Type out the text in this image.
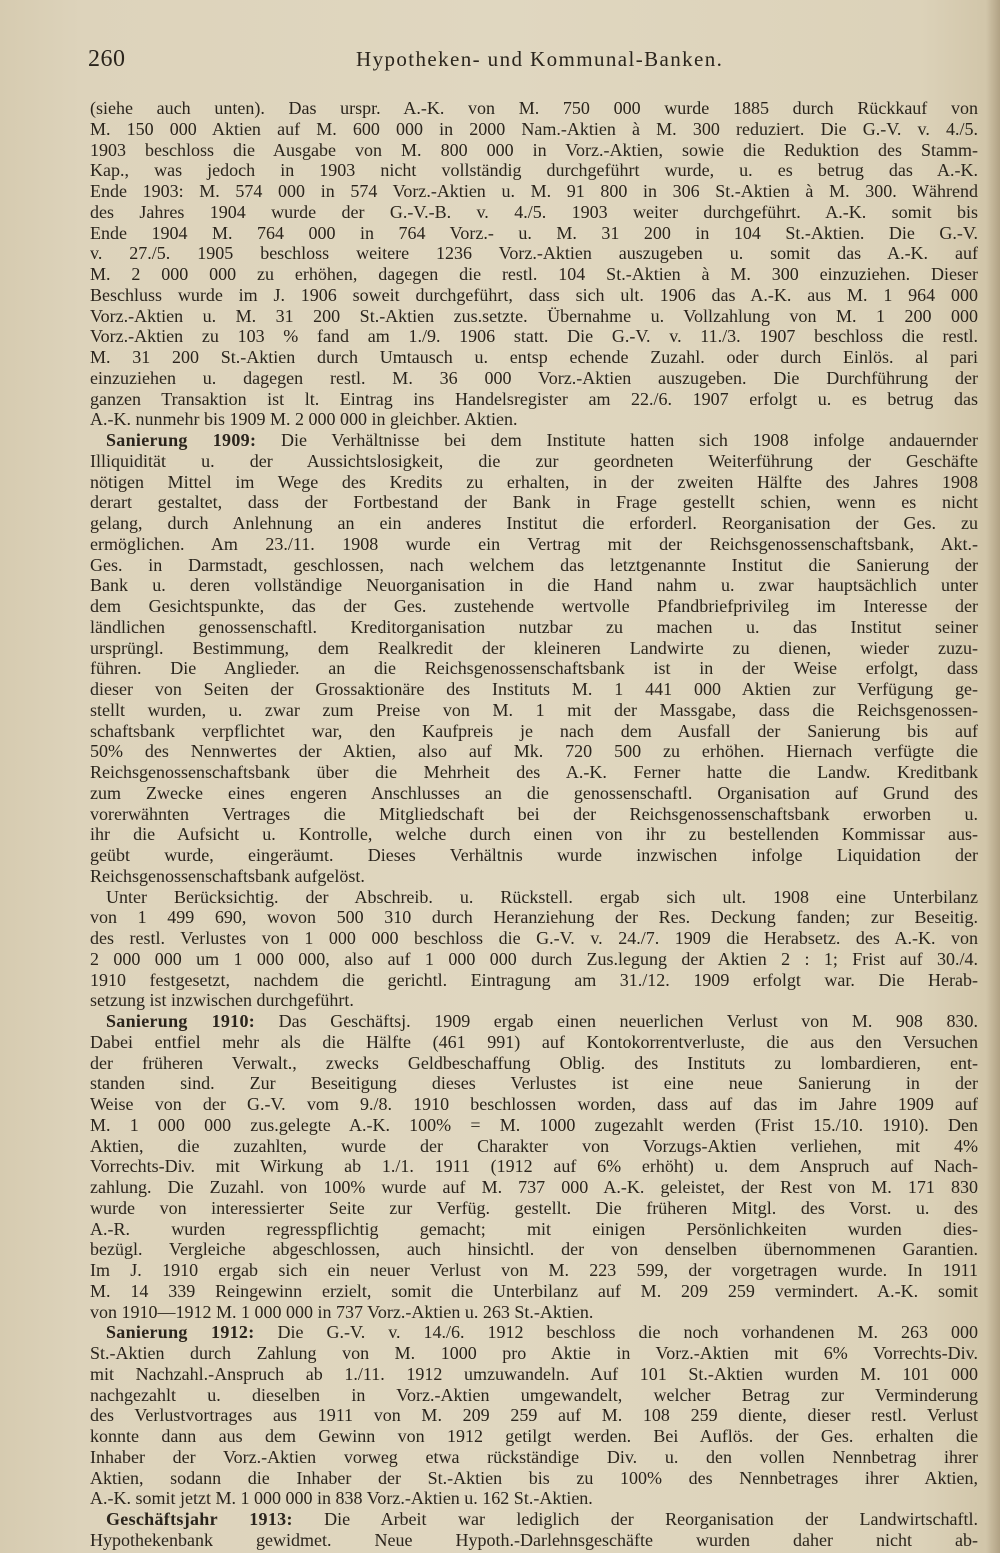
260	Hypotheken- und Kommunal-Banken.
(siehe auch unten). Das urspr. A.-K. von M. 750 000 wurde 1885 durch Rückkauf von
M. 150 000 Aktien auf M. 600 000 in 2000 Nam.-Aktien à M. 300 reduziert. Die G.-V. v. 4./5.
1903 beschloss die Ausgabe von M. 800 000 in Vorz.-Aktien, sowie die Reduktion des Stamm-
Kap., was jedoch in 1903 nicht vollständig durchgeführt wurde, u. es betrug das A.-K.
Ende 1903: M. 574 000 in 574 Vorz.-Aktien u. M. 91 800 in 306 St.-Aktien à M. 300. Während
des Jahres 1904 wurde der G.-V.-B. v. 4./5. 1903 weiter durchgeführt. A.-K. somit bis
Ende 1904 M. 764 000 in 764 Vorz.- u. M. 31 200 in 104 St.-Aktien. Die G.-V.
v. 27./5. 1905 beschloss weitere 1236 Vorz.-Aktien auszugeben u. somit das A.-K. auf
M. 2 000 000 zu erhöhen, dagegen die restl. 104 St.-Aktien à M. 300 einzuziehen. Dieser
Beschluss wurde im J. 1906 soweit durchgeführt, dass sich ult. 1906 das A.-K. aus M. 1 964 000
Vorz.-Aktien u. M. 31 200 St.-Aktien zus.setzte. Übernahme u. Vollzahlung von M. 1 200 000
Vorz.-Aktien zu 103 % fand am 1./9. 1906 statt. Die G.-V. v. 11./3. 1907 beschloss die restl.
M. 31 200 St.-Aktien durch Umtausch u. entsp echende Zuzahl. oder durch Einlös. al pari
einzuziehen u. dagegen restl. M. 36 000 Vorz.-Aktien auszugeben. Die Durchführung der
ganzen Transaktion ist lt. Eintrag ins Handelsregister am 22./6. 1907 erfolgt u. es betrug das
A.-K. nunmehr bis 1909 M. 2 000 000 in gleichber. Aktien.
Sanierung 1909: Die Verhältnisse bei dem Institute hatten sich 1908 infolge andauernder
Illiquidität u. der Aussichtslosigkeit, die zur geordneten Weiterführung der Geschäfte
nötigen Mittel im Wege des Kredits zu erhalten, in der zweiten Hälfte des Jahres 1908
derart gestaltet, dass der Fortbestand der Bank in Frage gestellt schien, wenn es nicht
gelang, durch Anlehnung an ein anderes Institut die erforderl. Reorganisation der Ges. zu
ermöglichen. Am 23./11. 1908 wurde ein Vertrag mit der Reichsgenossenschaftsbank, Akt.-
Ges. in Darmstadt, geschlossen, nach welchem das letztgenannte Institut die Sanierung der
Bank u. deren vollständige Neuorganisation in die Hand nahm u. zwar hauptsächlich unter
dem Gesichtspunkte, das der Ges. zustehende wertvolle Pfandbriefprivileg im Interesse der
ländlichen genossenschaftl. Kreditorganisation nutzbar zu machen u. das Institut seiner
ursprüngl. Bestimmung, dem Realkredit der kleineren Landwirte zu dienen, wieder zuzu-
führen. Die Anglieder. an die Reichsgenossenschaftsbank ist in der Weise erfolgt, dass
dieser von Seiten der Grossaktionäre des Instituts M. 1 441 000 Aktien zur Verfügung ge-
stellt wurden, u. zwar zum Preise von M. 1 mit der Massgabe, dass die Reichsgenossen-
schaftsbank verpflichtet war, den Kaufpreis je nach dem Ausfall der Sanierung bis auf
50% des Nennwertes der Aktien, also auf Mk. 720 500 zu erhöhen. Hiernach verfügte die
Reichsgenossenschaftsbank über die Mehrheit des A.-K. Ferner hatte die Landw. Kreditbank
zum Zwecke eines engeren Anschlusses an die genossenschaftl. Organisation auf Grund des
vorerwähnten Vertrages die Mitgliedschaft bei der Reichsgenossenschaftsbank erworben u.
ihr die Aufsicht u. Kontrolle, welche durch einen von ihr zu bestellenden Kommissar aus-
geübt wurde, eingeräumt. Dieses Verhältnis wurde inzwischen infolge Liquidation der
Reichsgenossenschaftsbank aufgelöst.
Unter Berücksichtig. der Abschreib. u. Rückstell. ergab sich ult. 1908 eine Unterbilanz
von 1 499 690, wovon 500 310 durch Heranziehung der Res. Deckung fanden; zur Beseitig.
des restl. Verlustes von 1 000 000 beschloss die G.-V. v. 24./7. 1909 die Herabsetz. des A.-K. von
2 000 000 um 1 000 000, also auf 1 000 000 durch Zus.legung der Aktien 2 : 1; Frist auf 30./4.
1910 festgesetzt, nachdem die gerichtl. Eintragung am 31./12. 1909 erfolgt war. Die Herab-
setzung ist inzwischen durchgeführt.
Sanierung 1910: Das Geschäftsj. 1909 ergab einen neuerlichen Verlust von M. 908 830.
Dabei entfiel mehr als die Hälfte (461 991) auf Kontokorrentverluste, die aus den Versuchen
der früheren Verwalt., zwecks Geldbeschaffung Oblig. des Instituts zu lombardieren, ent-
standen sind. Zur Beseitigung dieses Verlustes ist eine neue Sanierung in der
Weise von der G.-V. vom 9./8. 1910 beschlossen worden, dass auf das im Jahre 1909 auf
M. 1 000 000 zus.gelegte A.-K. 100% = M. 1000 zugezahlt werden (Frist 15./10. 1910). Den
Aktien, die zuzahlten, wurde der Charakter von Vorzugs-Aktien verliehen, mit 4%
Vorrechts-Div. mit Wirkung ab 1./1. 1911 (1912 auf 6% erhöht) u. dem Anspruch auf Nach-
zahlung. Die Zuzahl. von 100% wurde auf M. 737 000 A.-K. geleistet, der Rest von M. 171 830
wurde von interessierter Seite zur Verfüg. gestellt. Die früheren Mitgl. des Vorst. u. des
A.-R. wurden regresspflichtig gemacht; mit einigen Persönlichkeiten wurden dies-
bezügl. Vergleiche abgeschlossen, auch hinsichtl. der von denselben übernommenen Garantien.
Im J. 1910 ergab sich ein neuer Verlust von M. 223 599, der vorgetragen wurde. In 1911
M. 14 339 Reingewinn erzielt, somit die Unterbilanz auf M. 209 259 vermindert. A.-K. somit
von 1910—1912 M. 1 000 000 in 737 Vorz.-Aktien u. 263 St.-Aktien.
Sanierung 1912: Die G.-V. v. 14./6. 1912 beschloss die noch vorhandenen M. 263 000
St.-Aktien durch Zahlung von M. 1000 pro Aktie in Vorz.-Aktien mit 6% Vorrechts-Div.
mit Nachzahl.-Anspruch ab 1./11. 1912 umzuwandeln. Auf 101 St.-Aktien wurden M. 101 000
nachgezahlt u. dieselben in Vorz.-Aktien umgewandelt, welcher Betrag zur Verminderung
des Verlustvortrages aus 1911 von M. 209 259 auf M. 108 259 diente, dieser restl. Verlust
konnte dann aus dem Gewinn von 1912 getilgt werden. Bei Auflös. der Ges. erhalten die
Inhaber der Vorz.-Aktien vorweg etwa rückständige Div. u. den vollen Nennbetrag ihrer
Aktien, sodann die Inhaber der St.-Aktien bis zu 100% des Nennbetrages ihrer Aktien,
A.-K. somit jetzt M. 1 000 000 in 838 Vorz.-Aktien u. 162 St.-Aktien.
Geschäftsjahr 1913: Die Arbeit war lediglich der Reorganisation der Landwirtschaftl.
Hypothekenbank gewidmet. Neue Hypoth.-Darlehnsgeschäfte wurden daher nicht ab-
